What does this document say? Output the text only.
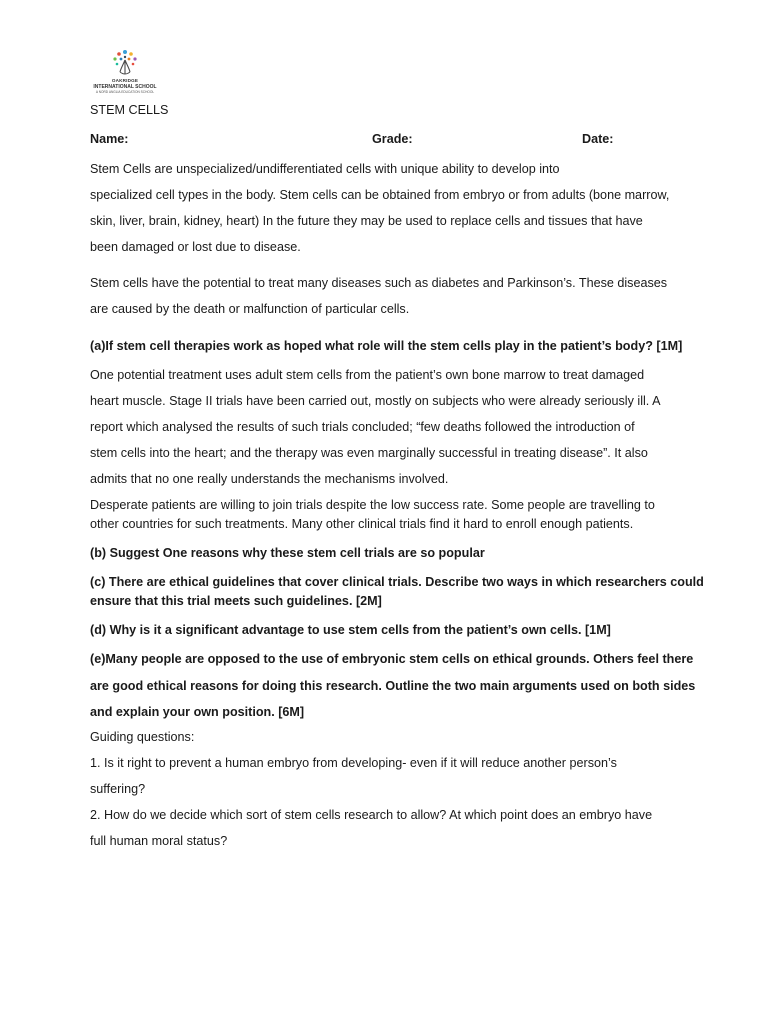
OAKRIDGE
INTERNATIONAL SCHOOL
A NORD ANGLIA EDUCATION SCHOOL
STEM CELLS
Name:	Grade:	Date:
Stem Cells are unspecialized/undifferentiated cells with unique ability to develop into
specialized cell types in the body. Stem cells can be obtained from embryo or from adults (bone marrow,
skin, liver, brain, kidney, heart) In the future they may be used to replace cells and tissues that have
been damaged or lost due to disease.
Stem cells have the potential to treat many diseases such as diabetes and Parkinson’s. These diseases
are caused by the death or malfunction of particular cells.
(a)If stem cell therapies work as hoped what role will the stem cells play in the patient’s body? [1M]
One potential treatment uses adult stem cells from the patient’s own bone marrow to treat damaged
heart muscle. Stage II trials have been carried out, mostly on subjects who were already seriously ill. A
report which analysed the results of such trials concluded; “few deaths followed the introduction of
stem cells into the heart; and the therapy was even marginally successful in treating disease”. It also
admits that no one really understands the mechanisms involved.
Desperate patients are willing to join trials despite the low success rate. Some people are travelling to
other countries for such treatments. Many other clinical trials find it hard to enroll enough patients.
(b) Suggest One reasons why these stem cell trials are so popular
(c) There are ethical guidelines that cover clinical trials. Describe two ways in which researchers could
ensure that this trial meets such guidelines. [2M]
(d) Why is it a significant advantage to use stem cells from the patient’s own cells. [1M]
(e)Many people are opposed to the use of embryonic stem cells on ethical grounds. Others feel there
are good ethical reasons for doing this research. Outline the two main arguments used on both sides
and explain your own position. [6M]
Guiding questions:
1. Is it right to prevent a human embryo from developing- even if it will reduce another person’s
suffering?
2. How do we decide which sort of stem cells research to allow? At which point does an embryo have
full human moral status?
